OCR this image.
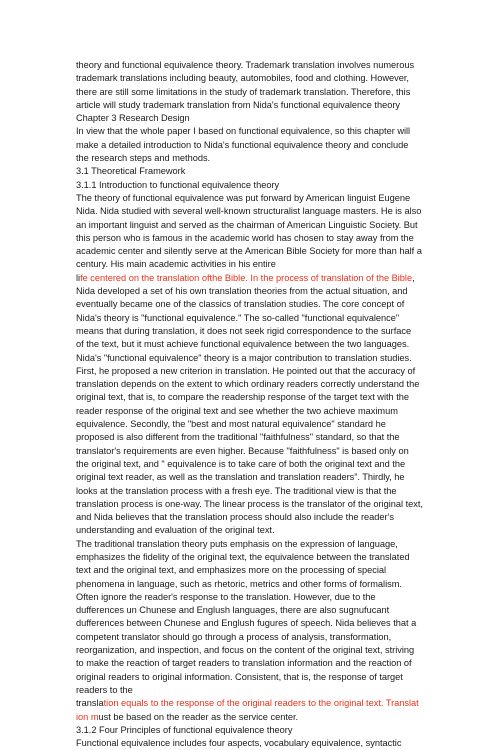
theory and functional equivalence theory. Trademark translation involves numerous
trademark translations including beauty, automobiles, food and clothing. However,
there are still some limitations in the study of trademark translation. Therefore, this
article will study trademark translation from Nida's functional equivalence theory
Chapter 3 Research Design
In view that the whole paper I based on functional equivalence, so this chapter will
make a detailed introduction to Nida's functional equivalence theory and conclude
the research steps and methods.
3.1 Theoretical Framework
3.1.1 Introduction to functional equivalence theory
The theory of functional equivalence was put forward by American linguist Eugene
Nida. Nida studied with several well-known structuralist language masters. He is also
an important linguist and served as the chairman of American Linguistic Society. But
this person who is famous in the academic world has chosen to stay away from the
academic center and silently serve at the American Bible Society for more than half a
century. His main academic activities in his entire
life centered on the translation ofthe Bible. In the process of translation of the Bible,
Nida developed a set of his own translation theories from the actual situation, and
eventually became one of the classics of translation studies. The core concept of
Nida's theory is "functional equivalence." The so-called "functional equivalence"
means that during translation, it does not seek rigid correspondence to the surface
of the text, but it must achieve functional equivalence between the two languages.
Nida's "functional equivalence" theory is a major contribution to translation studies.
First, he proposed a new criterion in translation. He pointed out that the accuracy of
translation depends on the extent to which ordinary readers correctly understand the
original text, that is, to compare the readership response of the target text with the
reader response of the original text and see whether the two achieve maximum
equivalence. Secondly, the "best and most natural equivalence" standard he
proposed is also different from the traditional "faithfulness" standard, so that the
translator's requirements are even higher. Because "faithfulness" is based only on
the original text, and " equivalence is to take care of both the original text and the
original text reader, as well as the translation and translation readers”. Thirdly, he
looks at the translation process with a fresh eye. The traditional view is that the
translation process is one-way. The linear process is the translator of the original text,
and Nida believes that the translation process should also include the reader's
understanding and evaluation of the original text.
The traditional translation theory puts emphasis on the expression of language,
emphasizes the fidelity of the original text, the equivalence between the translated
text and the original text, and emphasizes more on the processing of special
phenomena in language, such as rhetoric, metrics and other forms of formalism.
Often ignore the reader's response to the translation. However, due to the
dufferences un Chunese and Englush languages, there are also sugnufucant
dufferences between Chunese and Englush fugures of speech. Nida believes that a
competent translator should go through a process of analysis, transformation,
reorganization, and inspection, and focus on the content of the original text, striving
to make the reaction of target readers to translation information and the reaction of
original readers to original information. Consistent, that is, the response of target
readers to the
translation equals to the response of the original readers to the original text. Translat
ion must be based on the reader as the service center.
3.1.2 Four Principles of functional equivalence theory
Functional equivalence includes four aspects, vocabulary equivalence, syntactic
